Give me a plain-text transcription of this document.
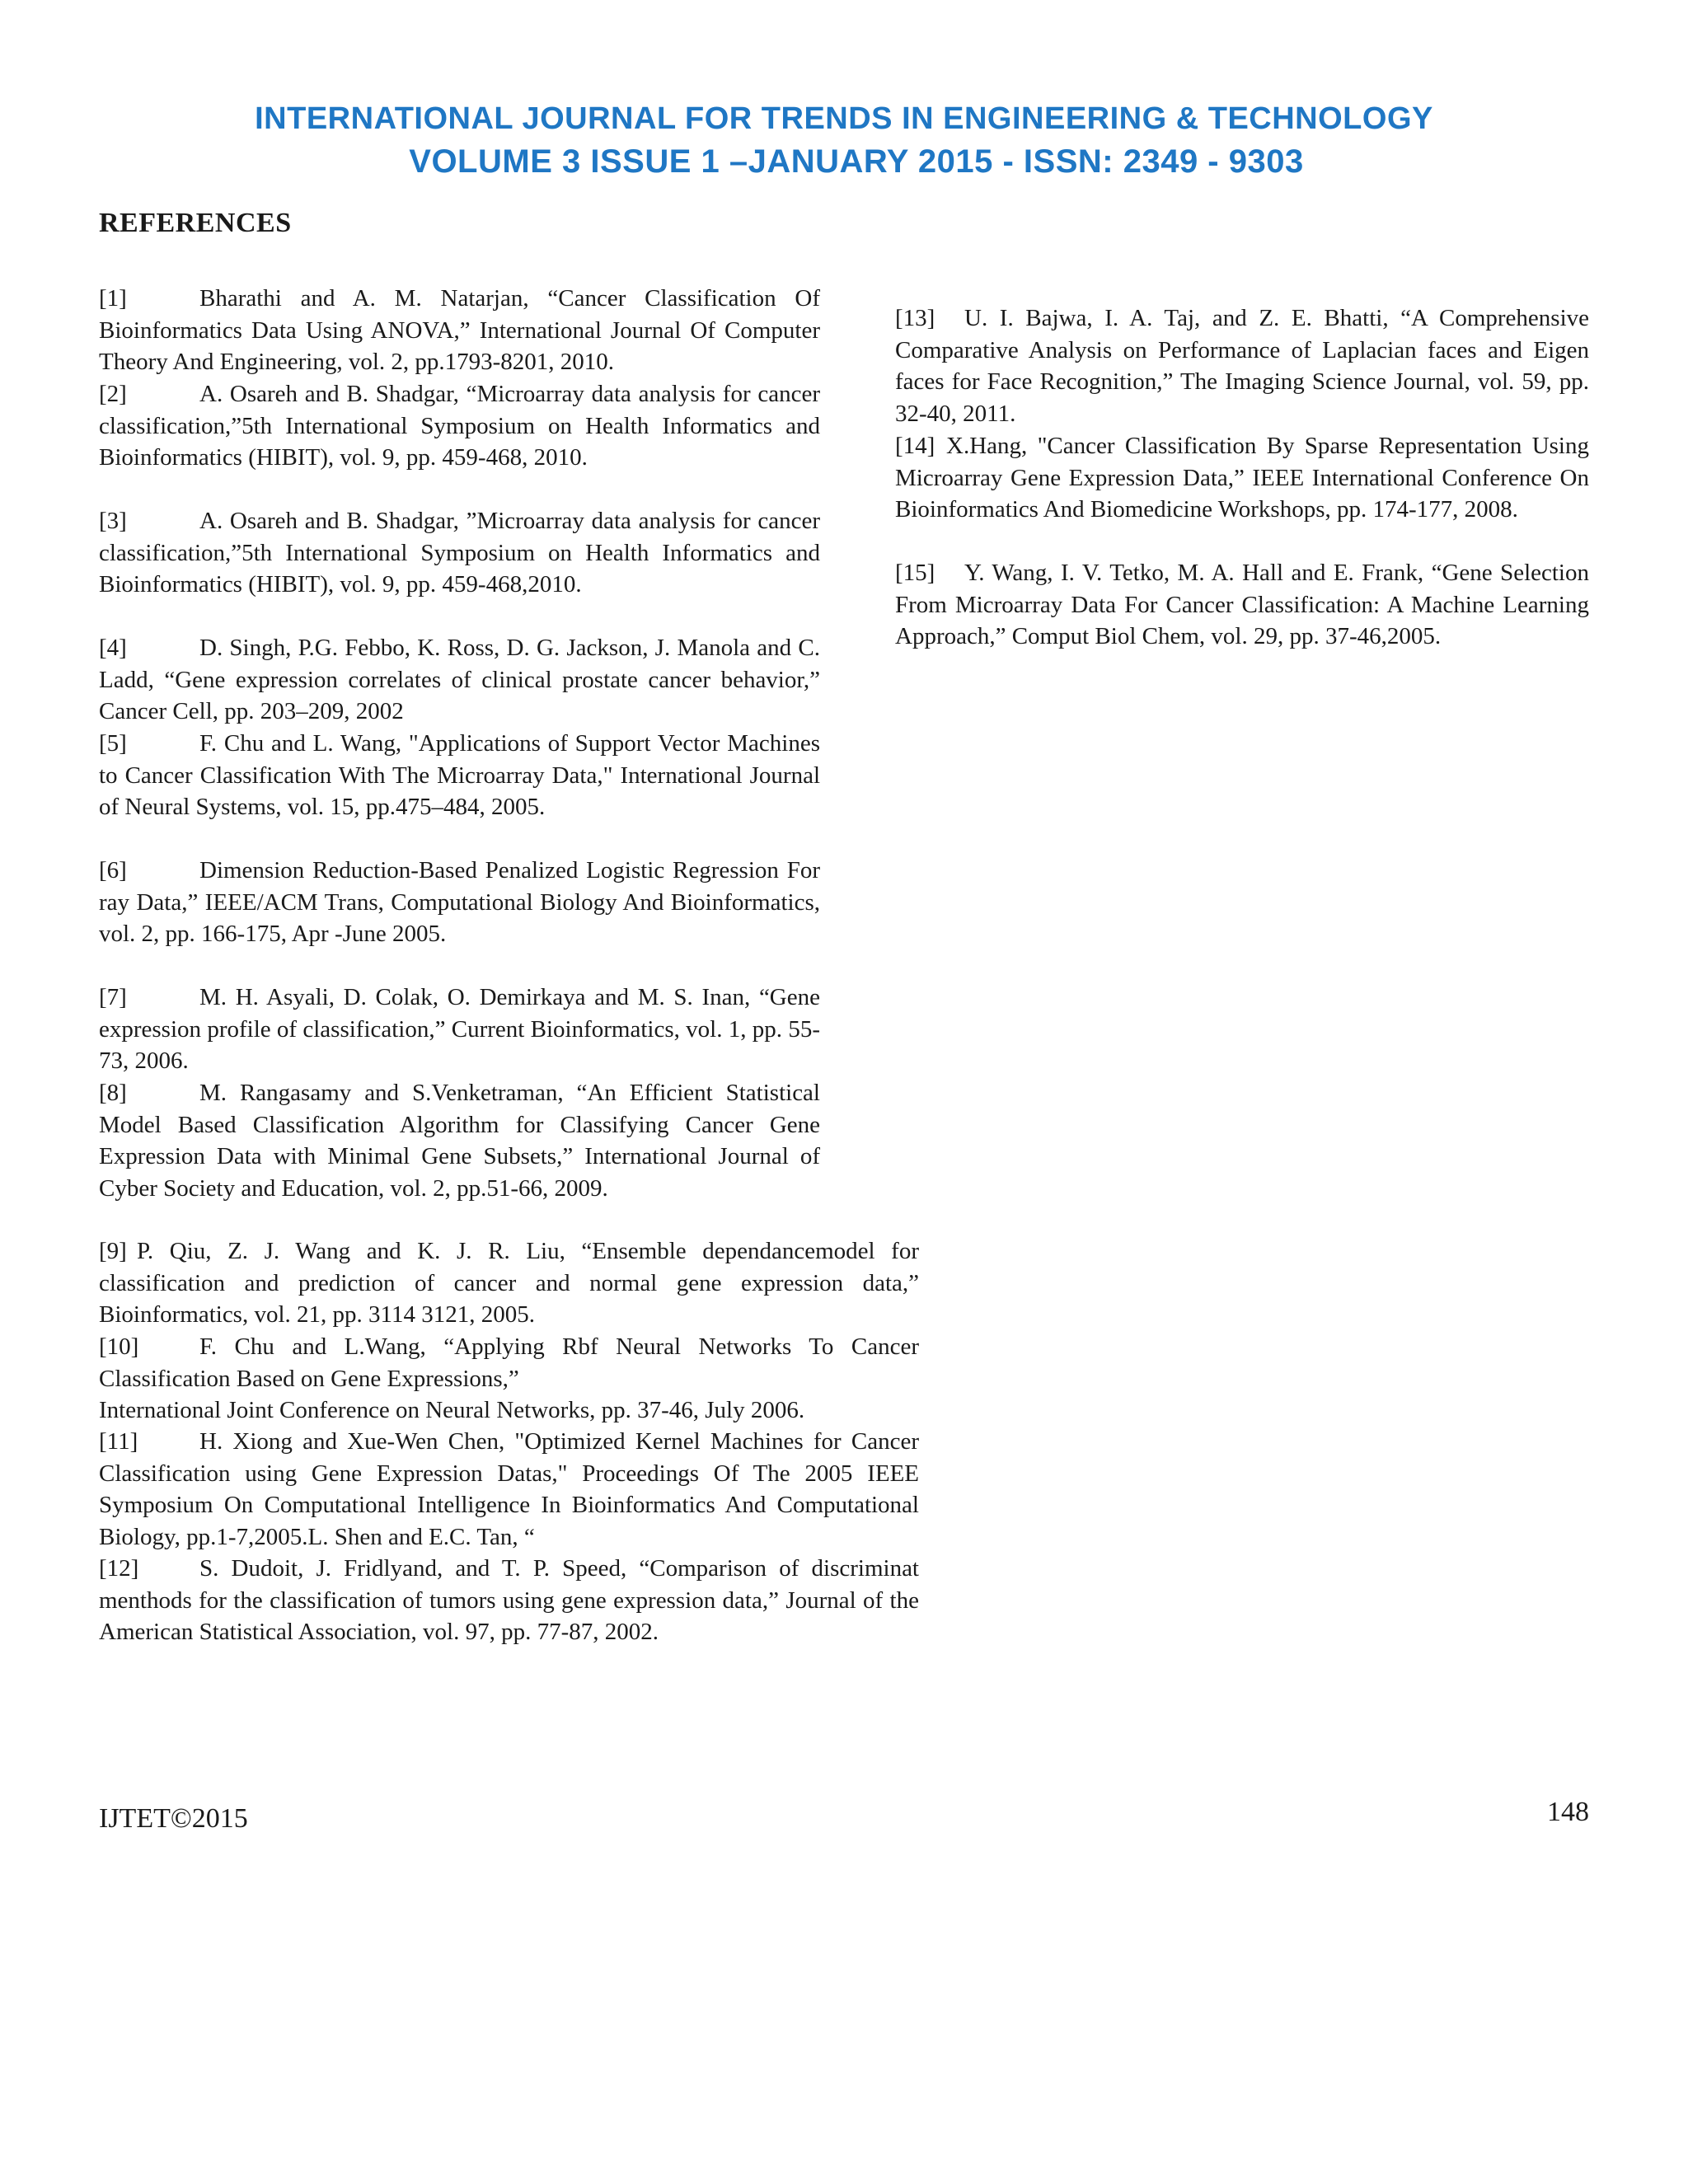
INTERNATIONAL JOURNAL FOR TRENDS IN ENGINEERING & TECHNOLOGY
VOLUME 3 ISSUE 1 –JANUARY 2015 - ISSN: 2349 - 9303
REFERENCES

[1]	Bharathi and A. M. Natarjan, “Cancer Classification Of Bioinformatics Data Using ANOVA,” International Journal Of Computer Theory And Engineering, vol. 2, pp.1793-8201, 2010.

[2]	A. Osareh and B. Shadgar, “Microarray data analysis for cancer classification,”5th International Symposium on Health Informatics and Bioinformatics (HIBIT), vol. 9, pp. 459-468, 2010.

[3]	A. Osareh and B. Shadgar, ”Microarray data analysis for cancer classification,”5th International Symposium on Health Informatics and Bioinformatics (HIBIT), vol. 9, pp. 459-468,2010.

[4]	D. Singh, P.G. Febbo, K. Ross, D. G. Jackson, J. Manola and C. Ladd, “Gene expression correlates of clinical prostate cancer behavior,” Cancer Cell, pp. 203–209, 2002

[5]	F. Chu and L. Wang, "Applications of Support Vector Machines to Cancer Classification With The Microarray Data," International Journal of Neural Systems, vol. 15, pp.475–484, 2005.

[6]	Dimension Reduction-Based Penalized Logistic Regression For ray Data,” IEEE/ACM Trans, Computational Biology And Bioinformatics, vol. 2, pp. 166-175, Apr -June 2005.

[7]	M. H. Asyali, D. Colak, O. Demirkaya and M. S. Inan, “Gene expression profile of classification,” Current Bioinformatics, vol. 1, pp. 55-73, 2006.

[8]	M. Rangasamy and S.Venketraman, “An Efficient Statistical Model Based Classification Algorithm for Classifying Cancer Gene Expression Data with Minimal Gene Subsets,” International Journal of Cyber Society and Education, vol. 2, pp.51-66, 2009.

[9] P. Qiu, Z. J. Wang and K. J. R. Liu, “Ensemble dependancemodel for classification and prediction of cancer and normal gene expression data,” Bioinformatics, vol. 21, pp. 3114 3121, 2005.

[10]	F. Chu and L.Wang, “Applying Rbf Neural Networks To Cancer Classification Based on Gene Expressions,”
International Joint Conference on Neural Networks, pp. 37-46, July 2006.

[11]	H. Xiong and Xue-Wen Chen, "Optimized Kernel Machines for Cancer Classification using Gene Expression Datas," Proceedings Of The 2005 IEEE Symposium On Computational Intelligence In Bioinformatics And Computational Biology, pp.1-7,2005.L. Shen and E.C. Tan, “

[12]	S. Dudoit, J. Fridlyand, and T. P. Speed, “Comparison of discriminat menthods for the classification of tumors using gene expression data,” Journal of the American Statistical Association, vol. 97, pp. 77-87, 2002.

[13] U. I. Bajwa, I. A. Taj, and Z. E. Bhatti, “A Comprehensive Comparative Analysis on Performance of Laplacian faces and Eigen faces for Face Recognition,” The Imaging Science Journal, vol. 59, pp. 32-40, 2011.

[14] X.Hang, "Cancer Classification By Sparse Representation Using Microarray Gene Expression Data,” IEEE International Conference On Bioinformatics And Biomedicine Workshops, pp. 174-177, 2008.

[15] Y. Wang, I. V. Tetko, M. A. Hall and E. Frank, “Gene Selection From Microarray Data For Cancer Classification: A Machine Learning Approach,” Comput Biol Chem, vol. 29, pp. 37-46,2005.

IJTET©2015	148
